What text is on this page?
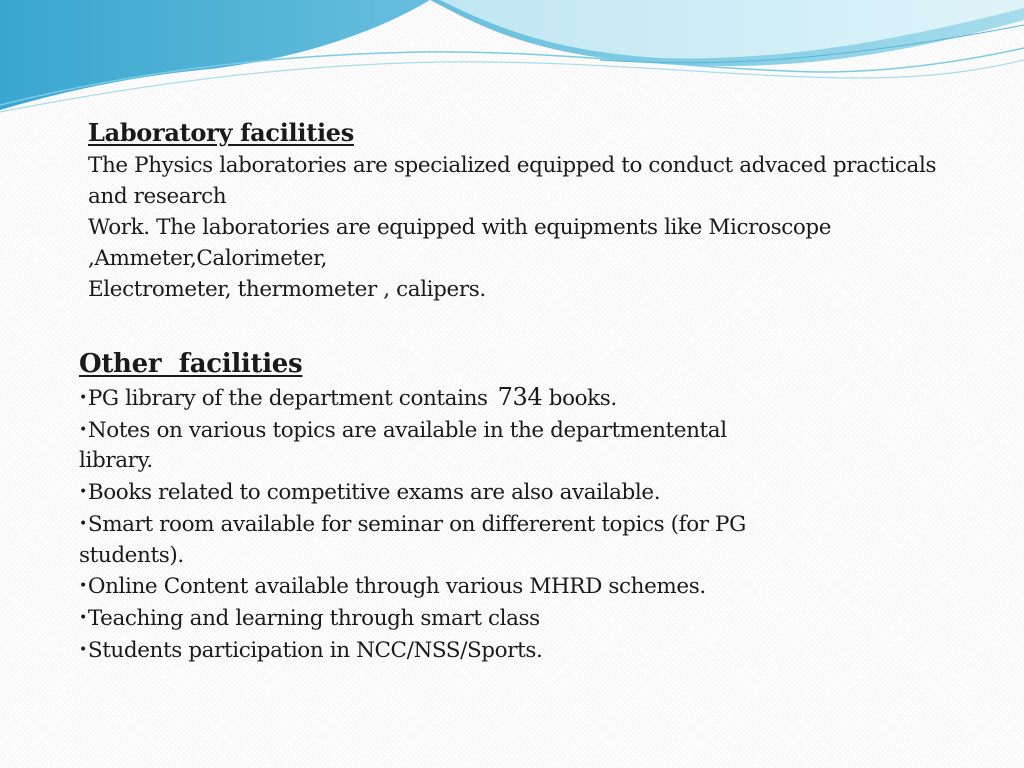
Laboratory facilities

The Physics laboratories are specialized equipped to conduct advaced practicals
and research
Work. The laboratories are equipped with equipments like Microscope
,Ammeter,Calorimeter,
Electrometer, thermometer , calipers.

Other  facilities
•PG library of the department contains 734 books.
•Notes on various topics are available in the departmentental
library.
•Books related to competitive exams are also available.
•Smart room available for seminar on differerent topics (for PG
students).
•Online Content available through various MHRD schemes.
•Teaching and learning through smart class
•Students participation in NCC/NSS/Sports.
